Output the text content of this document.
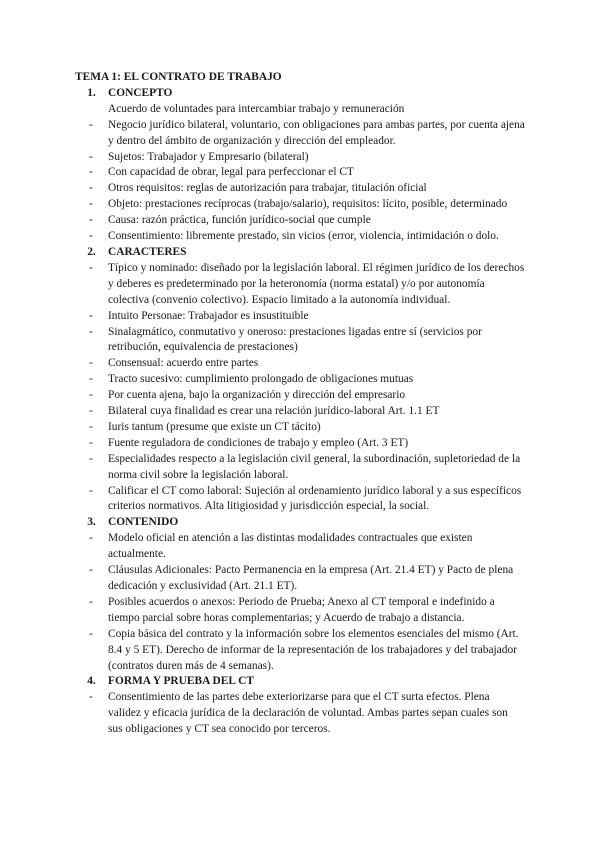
TEMA 1: EL CONTRATO DE TRABAJO
1.	CONCEPTO
Acuerdo de voluntades para intercambiar trabajo y remuneración
-	Negocio jurídico bilateral, voluntario, con obligaciones para ambas partes, por cuenta ajena y dentro del ámbito de organización y dirección del empleador.
-	Sujetos: Trabajador y Empresario (bilateral)
-	Con capacidad de obrar, legal para perfeccionar el CT
-	Otros requisitos: reglas de autorización para trabajar, titulación oficial
-	Objeto: prestaciones recíprocas (trabajo/salario), requisitos: lícito, posible, determinado
-	Causa: razón práctica, función jurídico-social que cumple
-	Consentimiento: libremente prestado, sin vicios (error, violencia, intimidación o dolo.
2.	CARACTERES
-	Típico y nominado: diseñado por la legislación laboral. El régimen jurídico de los derechos y deberes es predeterminado por la heteronomía (norma estatal) y/o por autonomía colectiva (convenio colectivo). Espacio limitado a la autonomía individual.
-	Intuito Personae: Trabajador es insustituible
-	Sinalagmático, conmutativo y oneroso: prestaciones ligadas entre sí (servicios por retribución, equivalencia de prestaciones)
-	Consensual: acuerdo entre partes
-	Tracto sucesivo: cumplimiento prolongado de obligaciones mutuas
-	Por cuenta ajena, bajo la organización y dirección del empresario
-	Bilateral cuya finalidad es crear una relación jurídico-laboral Art. 1.1 ET
-	Iuris tantum (presume que existe un CT tácito)
-	Fuente reguladora de condiciones de trabajo y empleo (Art. 3 ET)
-	Especialidades respecto a la legislación civil general, la subordinación, supletoriedad de la norma civil sobre la legislación laboral.
-	Calificar el CT como laboral: Sujeción al ordenamiento jurídico laboral y a sus específicos criterios normativos. Alta litigiosidad y jurisdicción especial, la social.
3.	CONTENIDO
-	Modelo oficial en atención a las distintas modalidades contractuales que existen actualmente.
-	Cláusulas Adicionales: Pacto Permanencia en la empresa (Art. 21.4 ET) y Pacto de plena dedicación y exclusividad (Art. 21.1 ET).
-	Posibles acuerdos o anexos: Periodo de Prueba; Anexo al CT temporal e indefinido a tiempo parcial sobre horas complementarias; y Acuerdo de trabajo a distancia.
-	Copia básica del contrato y la información sobre los elementos esenciales del mismo (Art. 8.4 y 5 ET). Derecho de informar de la representación de los trabajadores y del trabajador (contratos duren más de 4 semanas).
4.	FORMA Y PRUEBA DEL CT
-	Consentimiento de las partes debe exteriorizarse para que el CT surta efectos. Plena validez y eficacia jurídica de la declaración de voluntad. Ambas partes sepan cuales son sus obligaciones y CT sea conocido por terceros.
